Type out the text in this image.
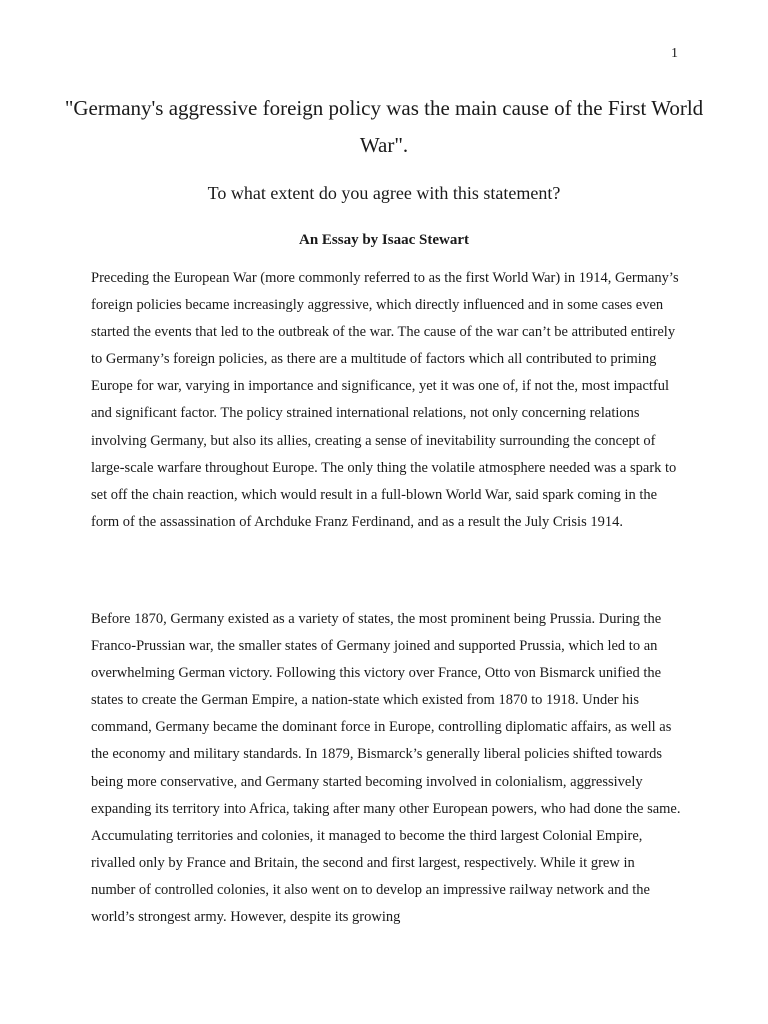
1
"Germany's aggressive foreign policy was the main cause of the First World War".
To what extent do you agree with this statement?
An Essay by Isaac Stewart

Preceding the European War (more commonly referred to as the first World War) in 1914, Germany’s foreign policies became increasingly aggressive, which directly influenced and in some cases even started the events that led to the outbreak of the war. The cause of the war can’t be attributed entirely to Germany’s foreign policies, as there are a multitude of factors which all contributed to priming Europe for war, varying in importance and significance, yet it was one of, if not the, most impactful and significant factor. The policy strained international relations, not only concerning relations involving Germany, but also its allies, creating a sense of inevitability surrounding the concept of large-scale warfare throughout Europe. The only thing the volatile atmosphere needed was a spark to set off the chain reaction, which would result in a full-blown World War, said spark coming in the form of the assassination of Archduke Franz Ferdinand, and as a result the July Crisis 1914.

Before 1870, Germany existed as a variety of states, the most prominent being Prussia. During the Franco-Prussian war, the smaller states of Germany joined and supported Prussia, which led to an overwhelming German victory. Following this victory over France, Otto von Bismarck unified the states to create the German Empire, a nation-state which existed from 1870 to 1918. Under his command, Germany became the dominant force in Europe, controlling diplomatic affairs, as well as the economy and military standards. In 1879, Bismarck’s generally liberal policies shifted towards being more conservative, and Germany started becoming involved in colonialism, aggressively expanding its territory into Africa, taking after many other European powers, who had done the same. Accumulating territories and colonies, it managed to become the third largest Colonial Empire, rivalled only by France and Britain, the second and first largest, respectively. While it grew in number of controlled colonies, it also went on to develop an impressive railway network and the world’s strongest army. However, despite its growing
